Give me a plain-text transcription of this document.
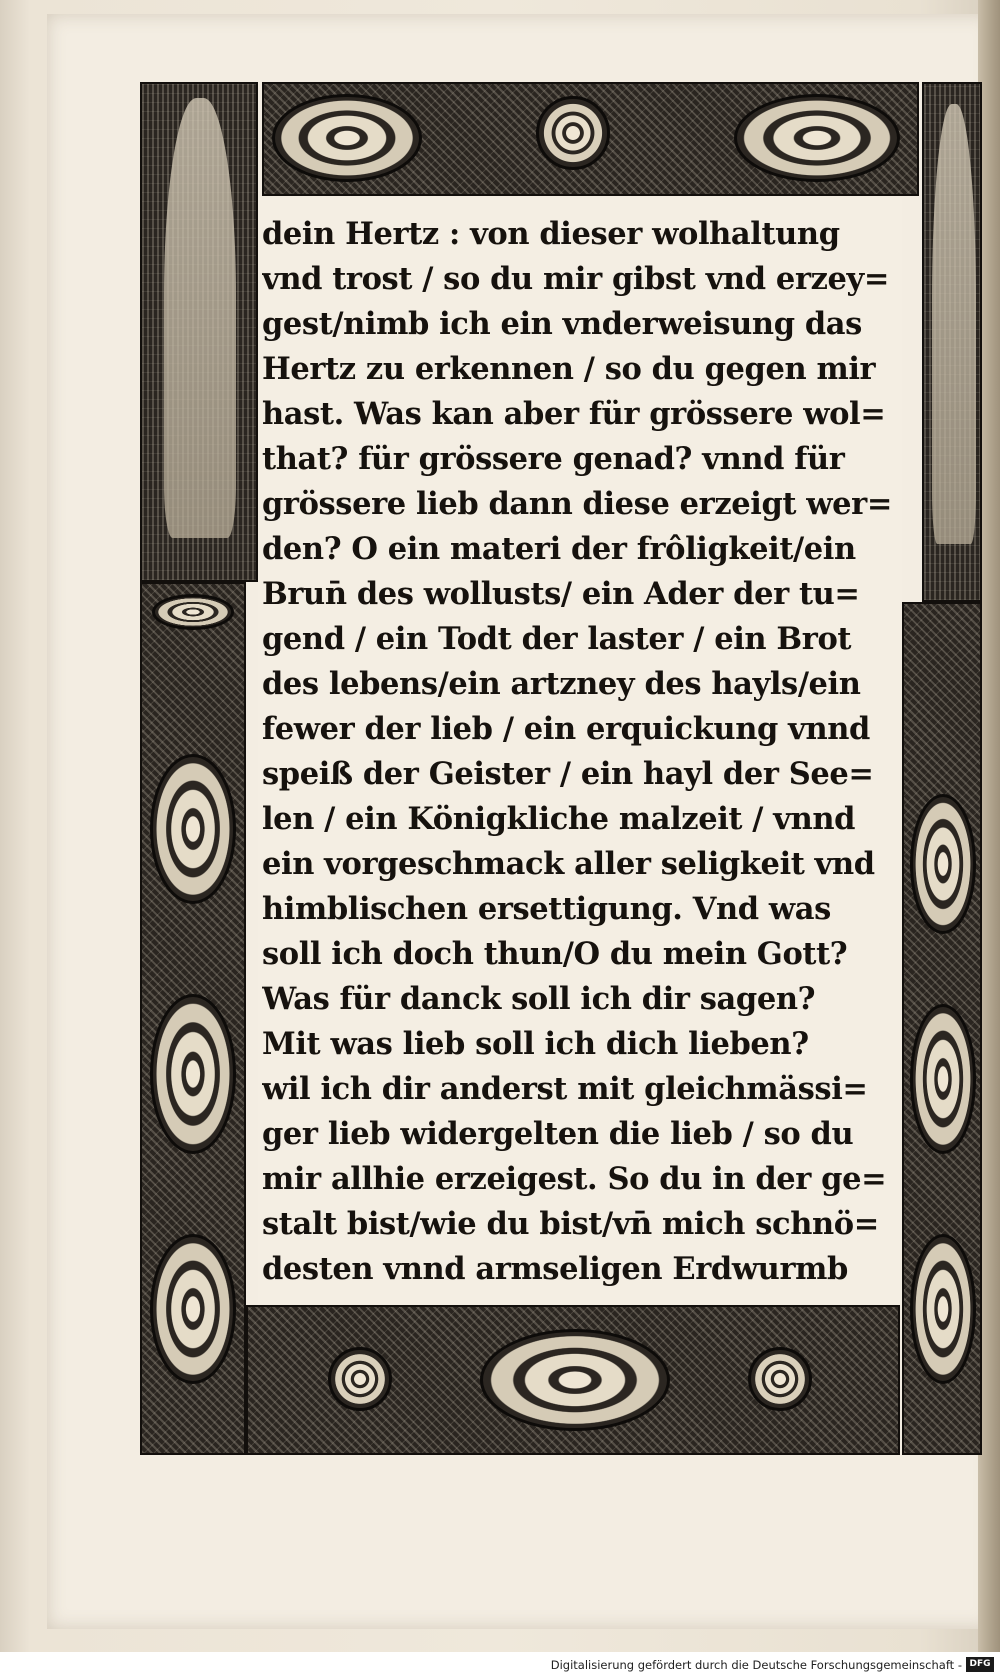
dein Hertz : von dieser wolhaltung
vnd trost / so du mir gibst vnd erzey=
gest/nimb ich ein vnderweisung das
Hertz zu erkennen / so du gegen mir
hast. Was kan aber für grössere wol=
that? für grössere genad? vnnd für
grössere lieb dann diese erzeigt wer=
den? O ein materi der frôligkeit/ein
Brun̄ des wollusts/ ein Ader der tu=
gend / ein Todt der laster / ein Brot
des lebens/ein artzney des hayls/ein
fewer der lieb / ein erquickung vnnd
speiß der Geister / ein hayl der See=
len / ein Königkliche malzeit / vnnd
ein vorgeschmack aller seligkeit vnd
himblischen ersettigung. Vnd was
soll ich doch thun/O du mein Gott?
Was für danck soll ich dir sagen?
Mit was lieb soll ich dich lieben?
wil ich dir anderst mit gleichmässi=
ger lieb widergelten die lieb / so du
mir allhie erzeigest. So du in der ge=
stalt bist/wie du bist/vn̄ mich schnö=
desten vnnd armseligen Erdwurmb
Digitalisierung gefördert durch die Deutsche Forschungsgemeinschaft - DFG
